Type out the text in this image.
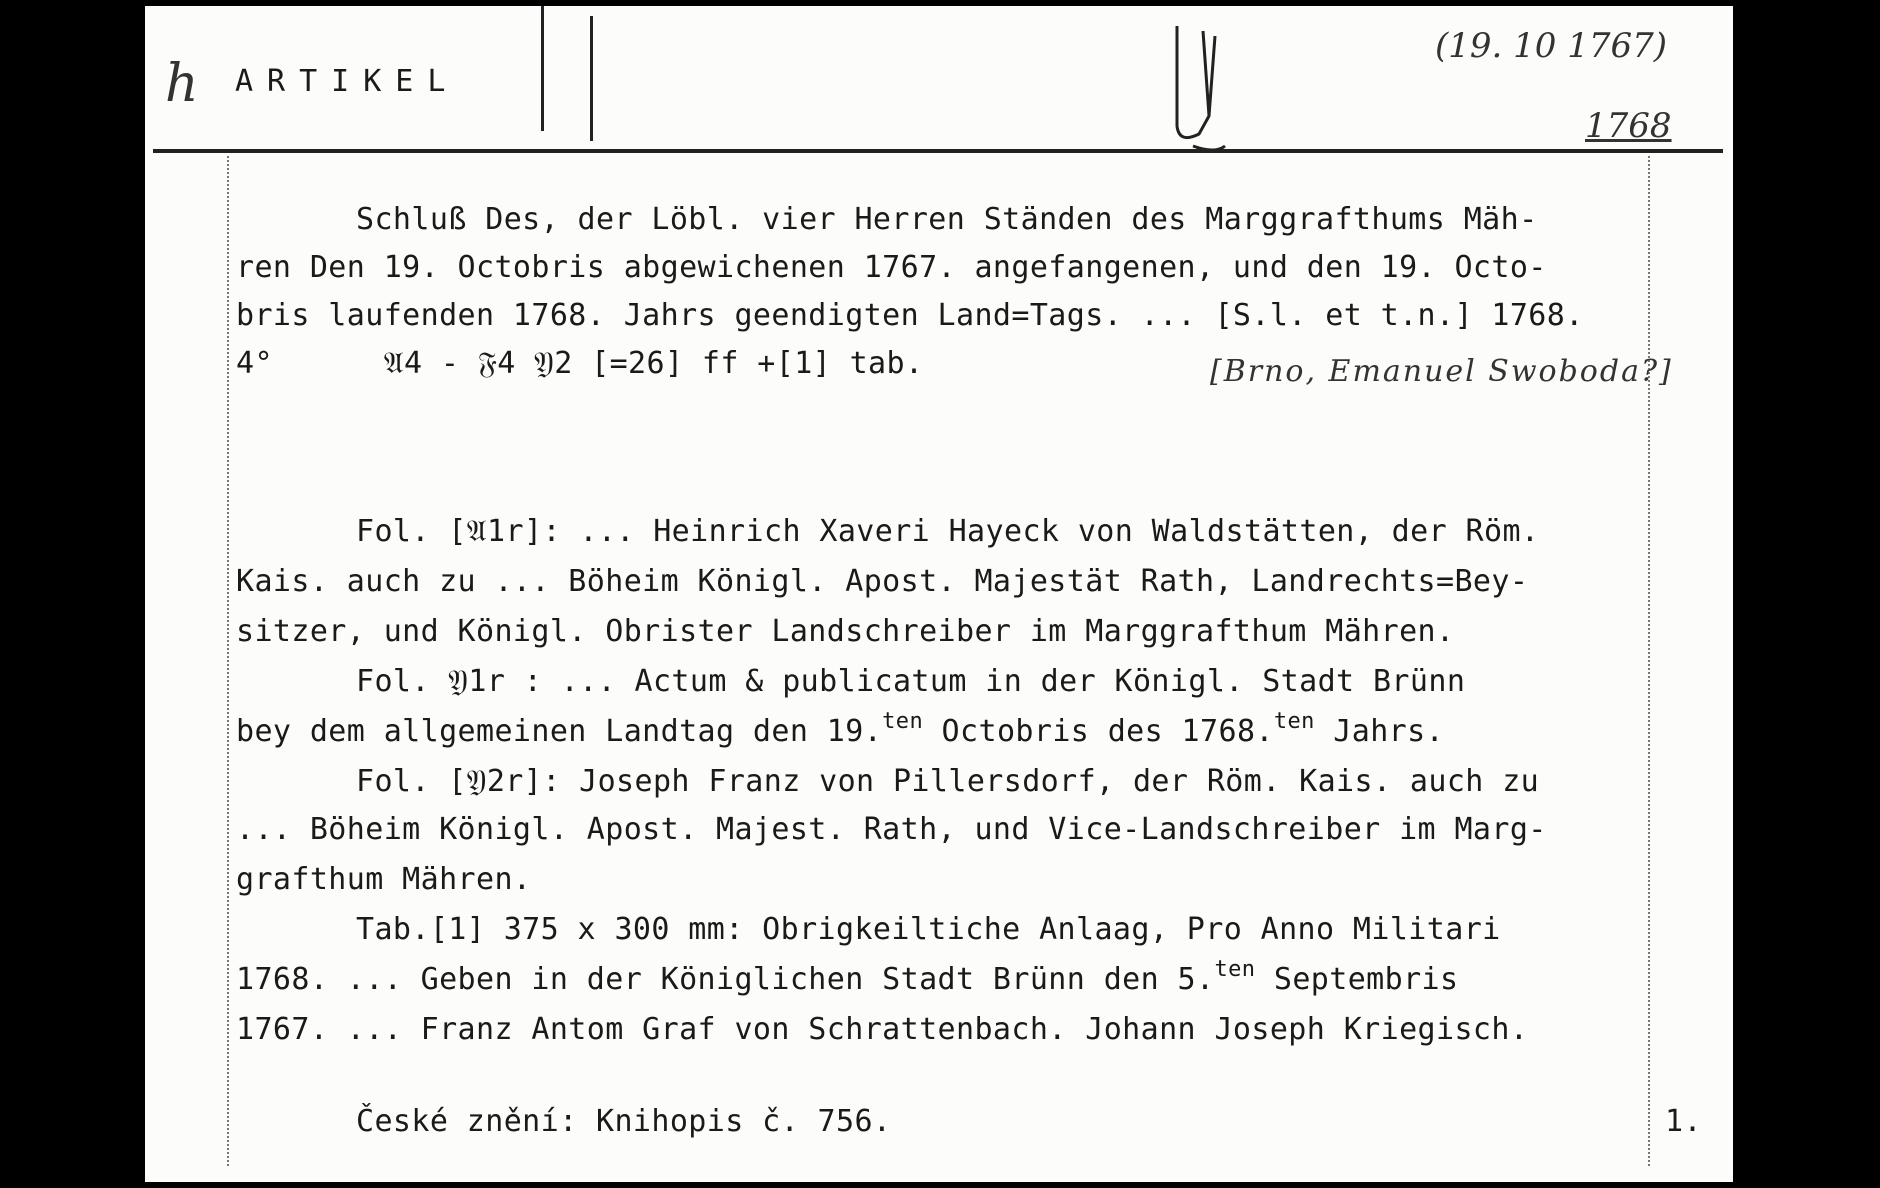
h ARTIKEL
(19. 10 1767)
1768
Schluß Des, der Löbl. vier Herren Ständen des Marggrafthums Mäh-
ren Den 19. Octobris abgewichenen 1767. angefangenen, und den 19. Octo-
bris laufenden 1768. Jahrs geendigten Land=Tags. ... [S.l. et t.n.] 1768.
4°      𝔄4 - 𝔉4 𝔜2 [=26] ff +[1] tab.	[Brno, Emanuel Swoboda?]
Fol. [𝔄1r]: ... Heinrich Xaveri Hayeck von Waldstätten, der Röm.
Kais. auch zu ... Böheim Königl. Apost. Majestät Rath, Landrechts=Bey-
sitzer, und Königl. Obrister Landschreiber im Marggrafthum Mähren.
Fol. 𝔜1r : ... Actum & publicatum in der Königl. Stadt Brünn
bey dem allgemeinen Landtag den 19.$^{ten}$ Octobris des 1768.$^{ten}$ Jahrs.
Fol. [𝔜2r]: Joseph Franz von Pillersdorf, der Röm. Kais. auch zu
... Böheim Königl. Apost. Majest. Rath, und Vice-Landschreiber im Marg-
grafthum Mähren.
Tab.[1] 375 x 300 mm: Obrigkeiltiche Anlaag, Pro Anno Militari
1768. ... Geben in der Königlichen Stadt Brünn den 5.$^{ten}$ Septembris
1767. ... Franz Antom Graf von Schrattenbach. Johann Joseph Kriegisch.
České znění: Knihopis č. 756.	1.
